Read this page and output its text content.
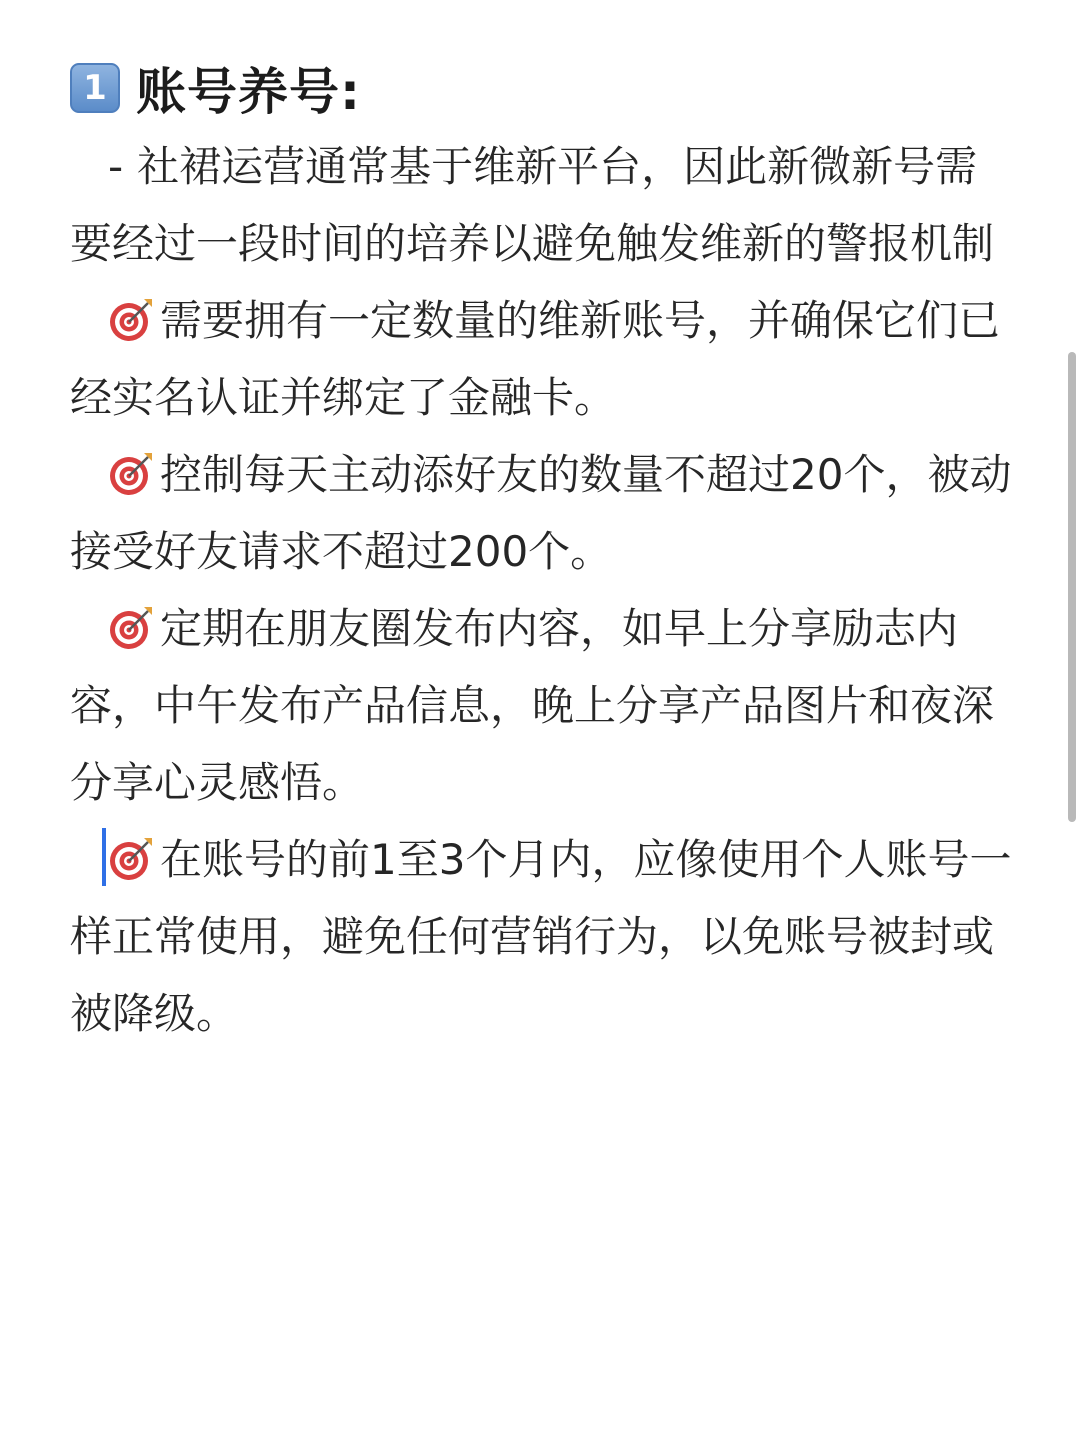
1 账号养号:

- 社裙运营通常基于维新平台，因此新微新号需要经过一段时间的培养以避免触发维新的警报机制

需要拥有一定数量的维新账号，并确保它们已经实名认证并绑定了金融卡。

控制每天主动添好友的数量不超过20个，被动接受好友请求不超过200个。

定期在朋友圈发布内容，如早上分享励志内容，中午发布产品信息，晚上分享产品图片和夜深分享心灵感悟。

在账号的前1至3个月内，应像使用个人账号一样正常使用，避免任何营销行为，以免账号被封或被降级。
